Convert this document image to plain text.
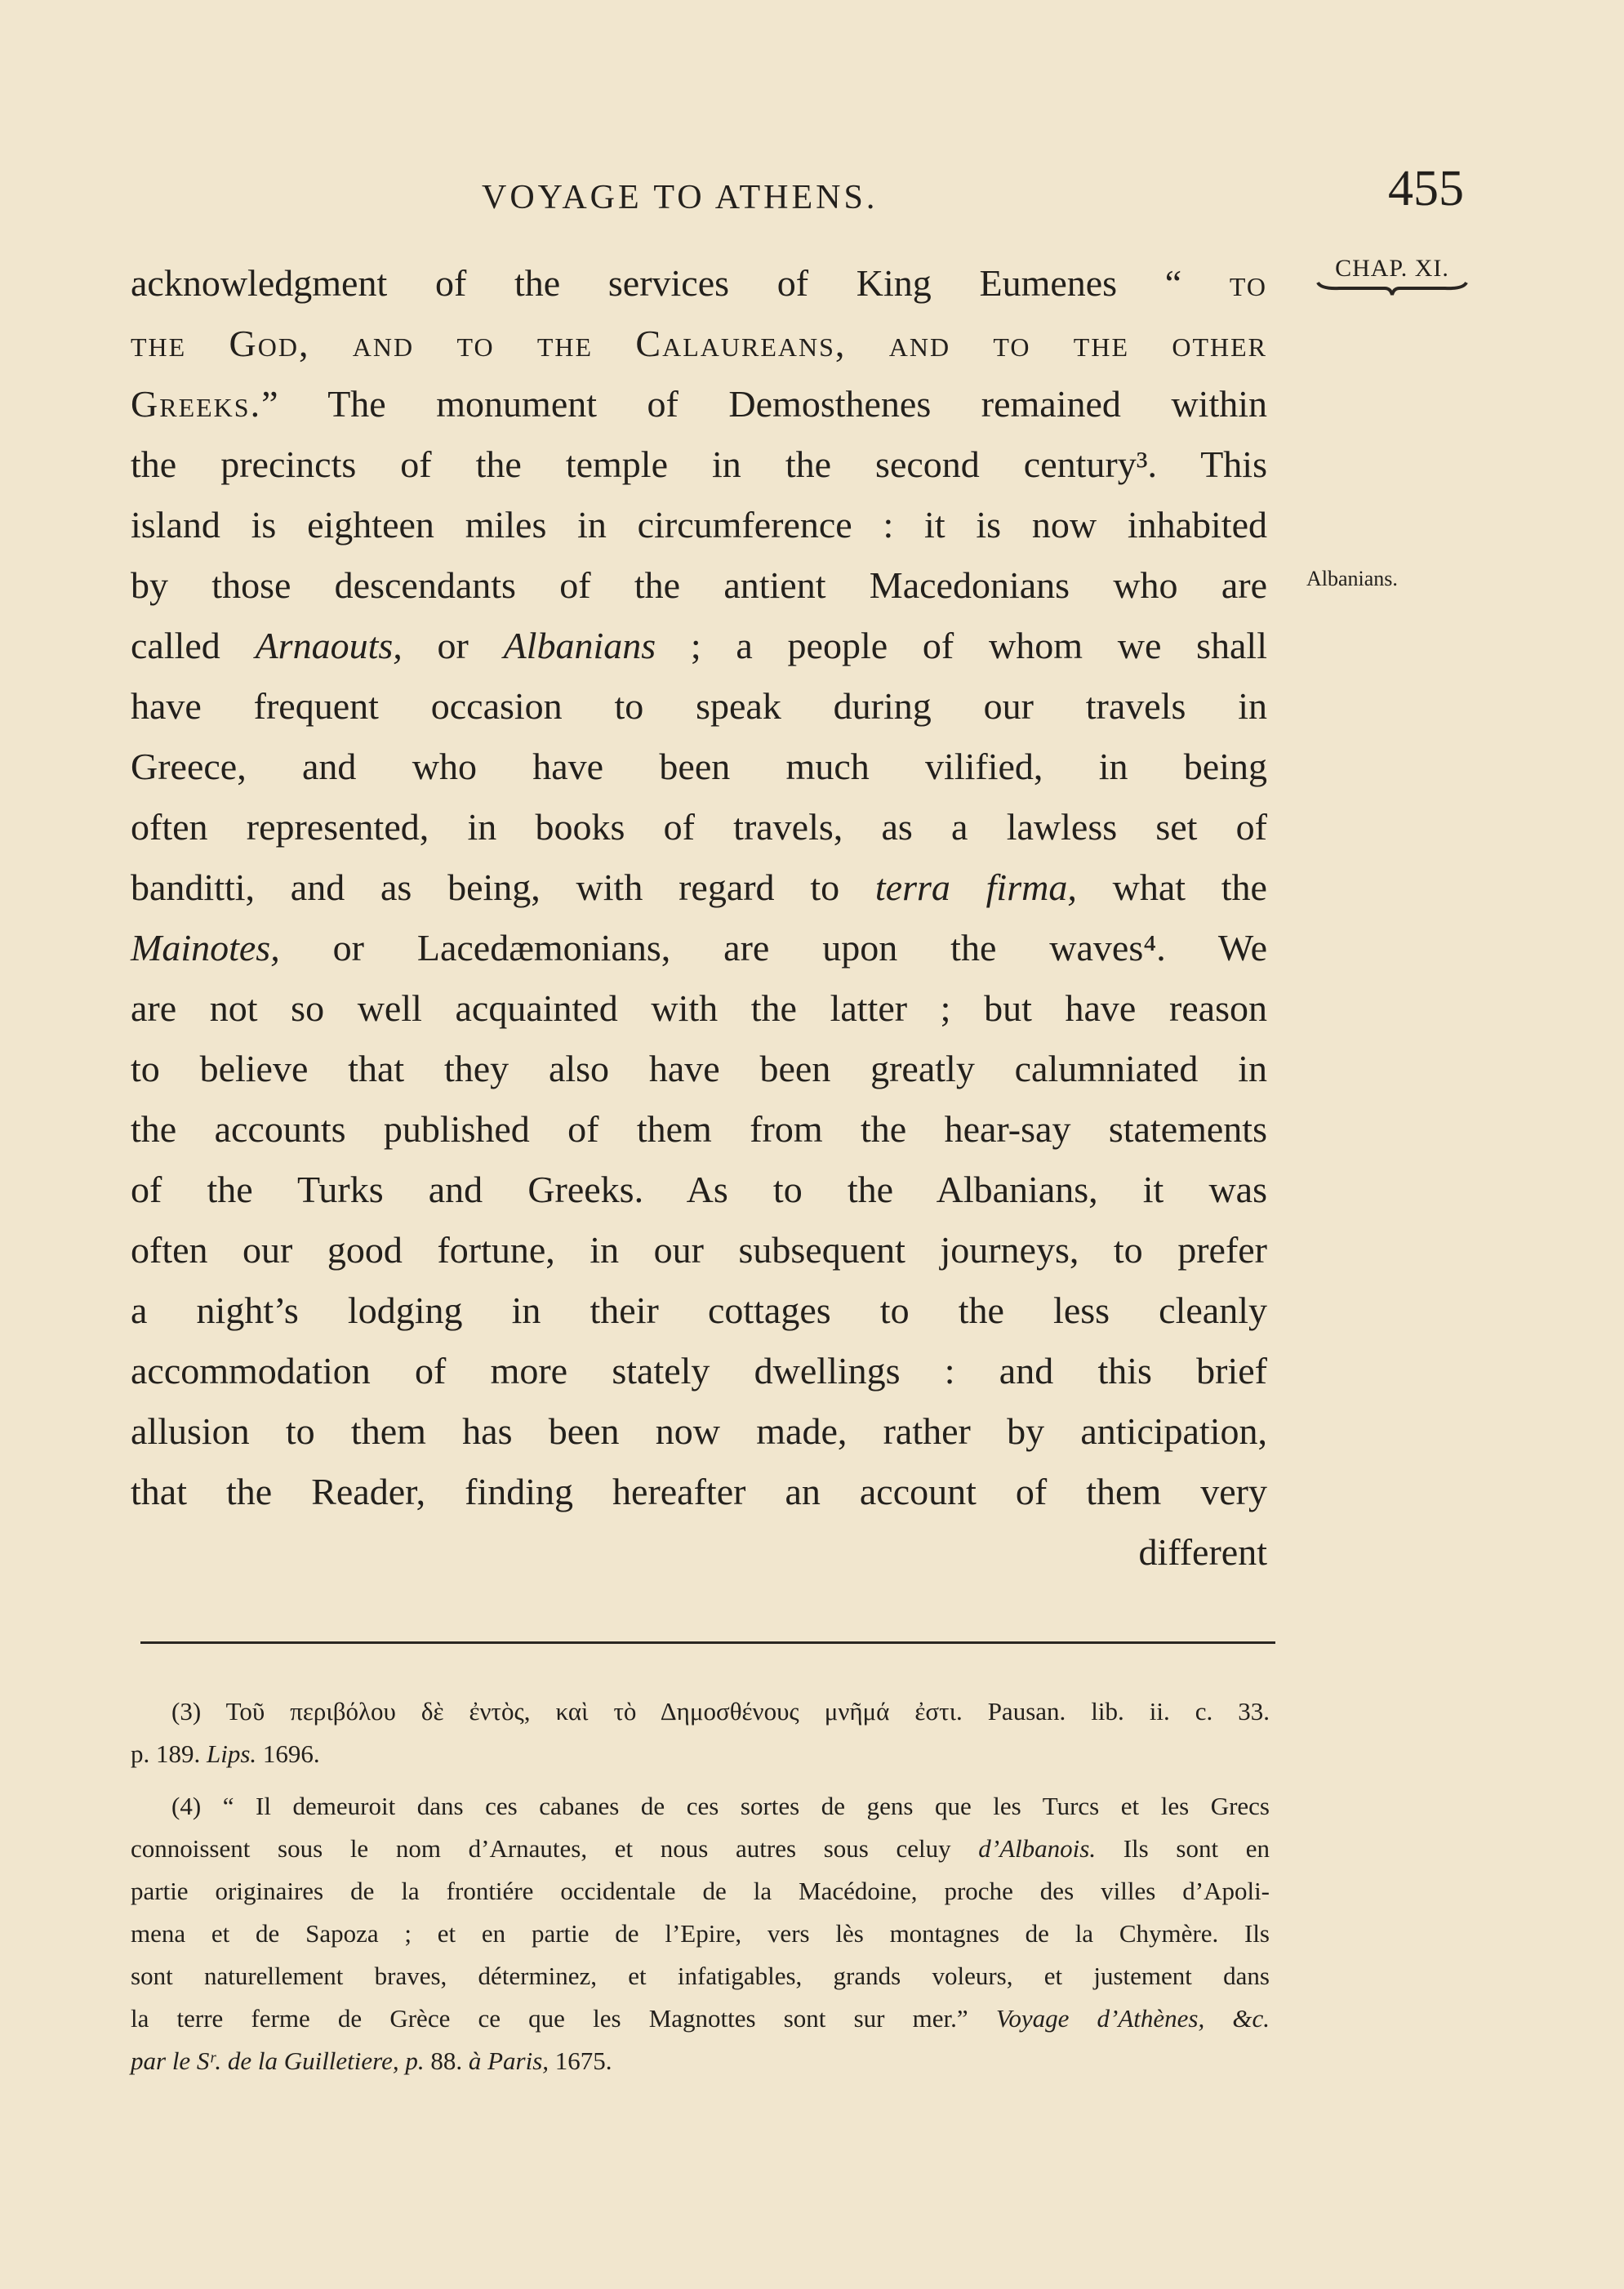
VOYAGE TO ATHENS.	455
CHAP. XI.
Albanians.
acknowledgment of the services of King Eumenes “ to
the God, and to the Calaureans, and to the other
Greeks.” The monument of Demosthenes remained within
the precincts of the temple in the second century³. This
island is eighteen miles in circumference : it is now inhabited
by those descendants of the antient Macedonians who are
called Arnaouts, or Albanians ; a people of whom we shall
have frequent occasion to speak during our travels in
Greece, and who have been much vilified, in being
often represented, in books of travels, as a lawless set of
banditti, and as being, with regard to terra firma, what the
Mainotes, or Lacedæmonians, are upon the waves⁴. We
are not so well acquainted with the latter ; but have reason
to believe that they also have been greatly calumniated in
the accounts published of them from the hear-say statements
of the Turks and Greeks. As to the Albanians, it was
often our good fortune, in our subsequent journeys, to prefer
a night’s lodging in their cottages to the less cleanly
accommodation of more stately dwellings : and this brief
allusion to them has been now made, rather by anticipation,
that the Reader, finding hereafter an account of them very
different
(3) Τοῦ περιβόλου δὲ ἐντὸς, καὶ τὸ Δημοσθένους μνῆμά ἐστι. Pausan. lib. ii. c. 33.
p. 189. Lips. 1696.
(4) “ Il demeuroit dans ces cabanes de ces sortes de gens que les Turcs et les Grecs
connoissent sous le nom d’Arnautes, et nous autres sous celuy d’Albanois. Ils sont en
partie originaires de la frontiére occidentale de la Macédoine, proche des villes d’Apoli-
mena et de Sapoza ; et en partie de l’Epire, vers lès montagnes de la Chymère. Ils
sont naturellement braves, déterminez, et infatigables, grands voleurs, et justement dans
la terre ferme de Grèce ce que les Magnottes sont sur mer.” Voyage d’Athènes, &c.
par le Sʳ. de la Guilletiere, p. 88. à Paris, 1675.
